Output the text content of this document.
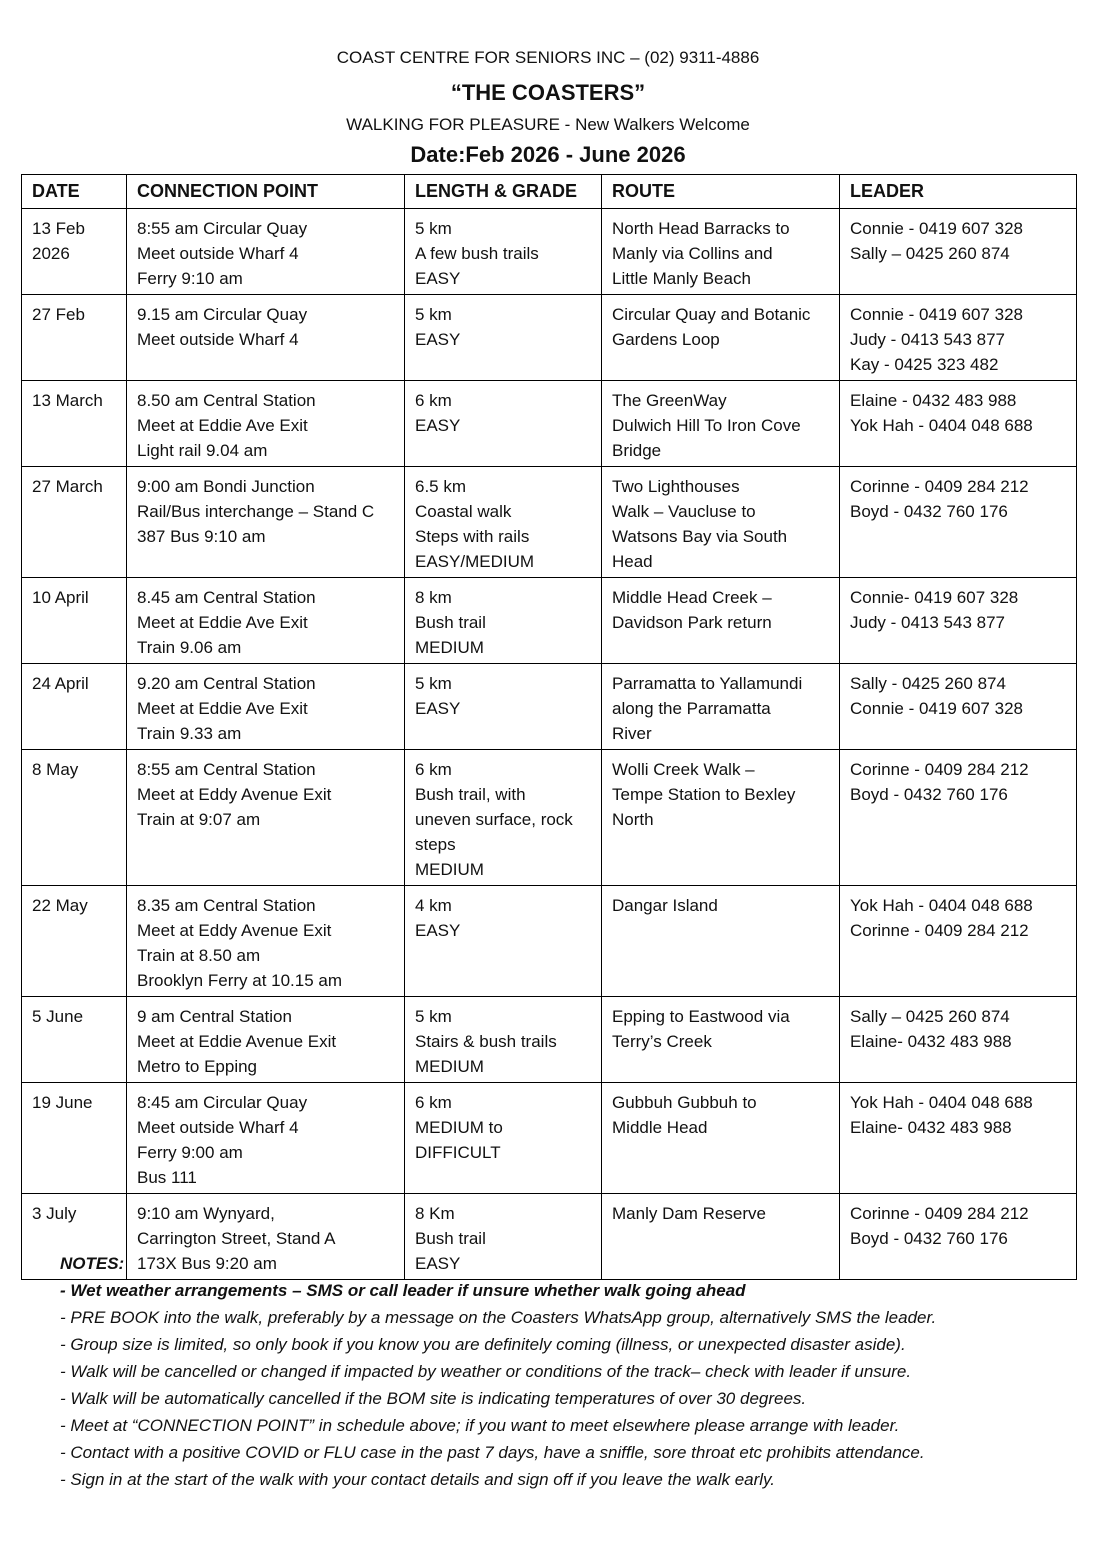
COAST CENTRE FOR SENIORS INC – (02) 9311-4886
“THE COASTERS”
WALKING FOR PLEASURE - New Walkers Welcome
Date:Feb 2026 - June 2026
DATE	CONNECTION POINT	LENGTH & GRADE	ROUTE	LEADER

13 Feb
2026	8:55 am Circular Quay
Meet outside Wharf 4
Ferry 9:10 am	5 km
A few bush trails
EASY	North Head Barracks to
Manly via Collins and
Little Manly Beach	Connie - 0419 607 328
Sally – 0425 260 874

27 Feb	9.15 am Circular Quay
Meet outside Wharf 4	5 km
EASY	Circular Quay and Botanic
Gardens Loop	Connie - 0419 607 328
Judy - 0413 543 877
Kay - 0425 323 482

13 March	8.50 am Central Station
Meet at Eddie Ave Exit
Light rail 9.04 am	6 km
EASY	The GreenWay
Dulwich Hill To Iron Cove
Bridge	Elaine - 0432 483 988
Yok Hah - 0404 048 688

27 March	9:00 am Bondi Junction
Rail/Bus interchange – Stand C
387 Bus 9:10 am	6.5 km
Coastal walk
Steps with rails
EASY/MEDIUM	Two Lighthouses
Walk – Vaucluse to
Watsons Bay via South
Head	Corinne - 0409 284 212
Boyd - 0432 760 176

10 April	8.45 am Central Station
Meet at Eddie Ave Exit
Train 9.06 am	8 km
Bush trail
MEDIUM	Middle Head Creek –
Davidson Park return	Connie- 0419 607 328
Judy - 0413 543 877

24 April	9.20 am Central Station
Meet at Eddie Ave Exit
Train 9.33 am	5 km
EASY	Parramatta to Yallamundi
along the Parramatta
River	Sally - 0425 260 874
Connie - 0419 607 328

8 May	8:55 am Central Station
Meet at Eddy Avenue Exit
Train at 9:07 am	6 km
Bush trail, with
uneven surface, rock
steps
MEDIUM	Wolli Creek Walk –
Tempe Station to Bexley
North	Corinne - 0409 284 212
Boyd - 0432 760 176

22 May	8.35 am Central Station
Meet at Eddy Avenue Exit
Train at 8.50 am
Brooklyn Ferry at 10.15 am	4 km
EASY	Dangar Island	Yok Hah - 0404 048 688
Corinne - 0409 284 212

5 June	9 am Central Station
Meet at Eddie Avenue Exit
Metro to Epping	5 km
Stairs & bush trails
MEDIUM	Epping to Eastwood via
Terry’s Creek	Sally – 0425 260 874
Elaine- 0432 483 988

19 June	8:45 am Circular Quay
Meet outside Wharf 4
Ferry 9:00 am
Bus 111	6 km
MEDIUM to
DIFFICULT	Gubbuh Gubbuh to
Middle Head	Yok Hah - 0404 048 688
Elaine- 0432 483 988

3 July	9:10 am Wynyard,
Carrington Street, Stand A
173X Bus 9:20 am	8 Km
Bush trail
EASY	Manly Dam Reserve	Corinne - 0409 284 212
Boyd - 0432 760 176
NOTES:
- Wet weather arrangements – SMS or call leader if unsure whether walk going ahead
- PRE BOOK into the walk, preferably by a message on the Coasters WhatsApp group, alternatively SMS the leader.
- Group size is limited, so only book if you know you are definitely coming (illness, or unexpected disaster aside).
- Walk will be cancelled or changed if impacted by weather or conditions of the track– check with leader if unsure.
- Walk will be automatically cancelled if the BOM site is indicating temperatures of over 30 degrees.
- Meet at “CONNECTION POINT” in schedule above; if you want to meet elsewhere please arrange with leader.
- Contact with a positive COVID or FLU case in the past 7 days, have a sniffle, sore throat etc prohibits attendance.
- Sign in at the start of the walk with your contact details and sign off if you leave the walk early.
